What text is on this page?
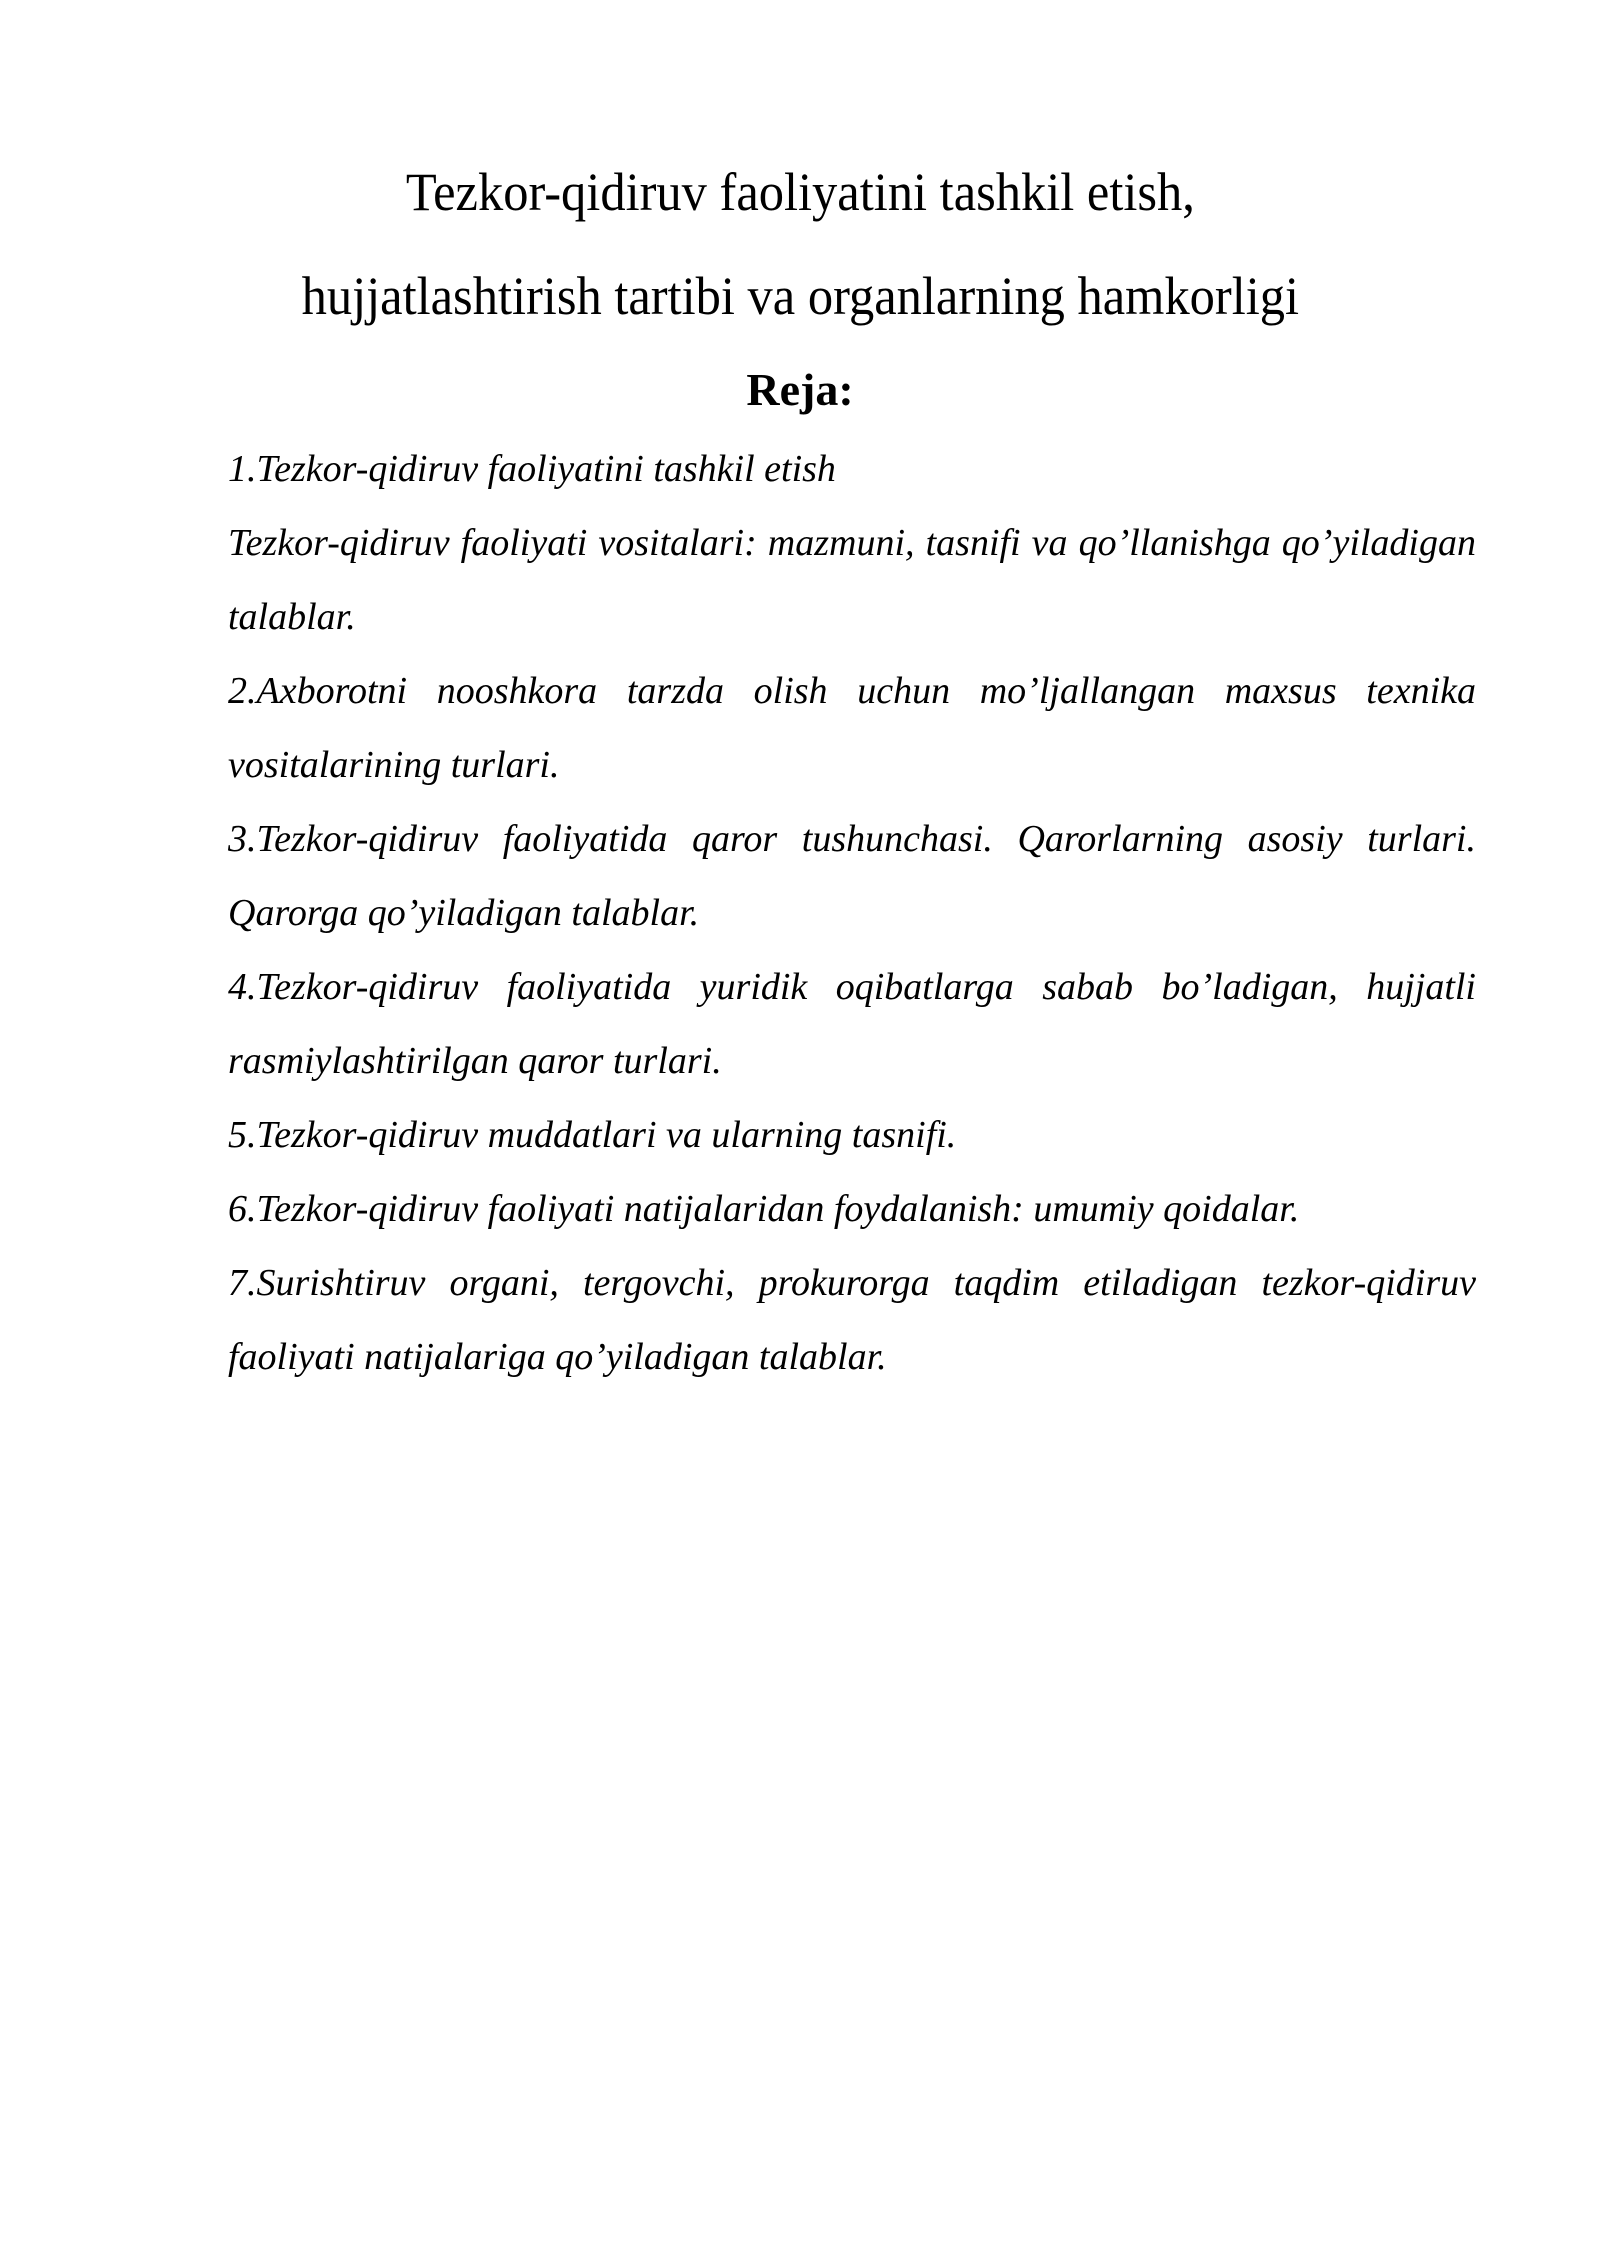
Tezkor-qidiruv faoliyatini tashkil etish,
hujjatlashtirish tartibi va organlarning hamkorligi
Reja:

1.Tezkor-qidiruv faoliyatini tashkil etish

Tezkor-qidiruv faoliyati vositalari: mazmuni, tasnifi va qo’llanishga qo’yiladigan talablar.

2.Axborotni nooshkora tarzda olish uchun mo’ljallangan maxsus texnika vositalarining turlari.

3.Tezkor-qidiruv faoliyatida qaror tushunchasi. Qarorlarning asosiy turlari. Qarorga qo’yiladigan talablar.

4.Tezkor-qidiruv faoliyatida yuridik oqibatlarga sabab bo’ladigan, hujjatli rasmiylashtirilgan qaror turlari.

5.Tezkor-qidiruv muddatlari va ularning tasnifi.

6.Tezkor-qidiruv faoliyati natijalaridan foydalanish: umumiy qoidalar.

7.Surishtiruv organi, tergovchi, prokurorga taqdim etiladigan tezkor-qidiruv faoliyati natijalariga qo’yiladigan talablar.
